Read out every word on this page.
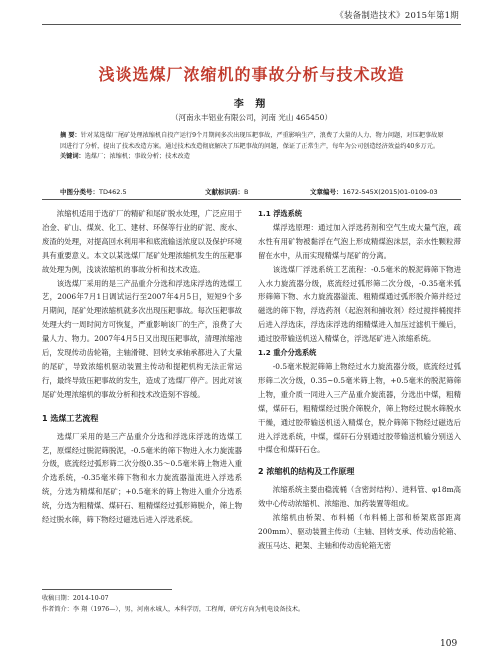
《装备制造技术》2015年第1期
浅谈选煤厂浓缩机的事故分析与技术改造
李 翔
（河南永丰铝业有限公司，河南 光山 465450）
摘 要：针对某选煤厂尾矿处理浓缩机自投产运行9个月期间多次出现压耙事故，严重影响生产，浪费了大量的人力、物力问题，对压耙事故原因进行了分析，提出了技术改造方案。通过技术改造彻底解决了压耙事故的问题，保证了正常生产，每年为公司创造经济效益约40多万元。
关键词：选煤厂；浓缩机；事故分析；技术改造
中图分类号：TD462.5	文献标识码：B	文章编号：1672-545X(2015)01-0109-03

浓缩机适用于选矿厂的精矿和尾矿脱水处理，广泛应用于冶金、矿山、煤炭、化工、建材、环保等行业的矿泥、废水、废渣的处理，对提高回水利用率和底流输送浓度以及保护环境具有重要意义。本文以某选煤厂尾矿处理浓缩机发生的压耙事故处理为例，浅谈浓缩机的事故分析和技术改造。

该选煤厂采用的是三产品重介分选和浮选床浮选的选煤工艺，2006年7月1日调试运行至2007年4月5日，短短9个多月期间，尾矿处理浓缩机就多次出现压耙事故。每次压耙事故处理大约一周时间方可恢复，严重影响该厂的生产，浪费了大量人力、物力。2007年4月5日又出现压耙事故，清理浓缩池后，发现传动齿轮箱，主轴滑键、回转支承轴承都进入了大量的尾矿，导致浓缩机驱动装置主传动和提耙机构无法正常运行，最终导致压耙事故的发生，造成了选煤厂停产。因此对该尾矿处理浓缩机的事故分析和技术改造刻不容缓。

1 选煤工艺流程

选煤厂采用的是三产品重介分选和浮选床浮选的选煤工艺，原煤经过脱泥筛脱泥，-0.5毫米的筛下物进入水力旋流器分级，底流经过弧形筛二次分级0.35～0.5毫米筛上物进入重介选系统，-0.35毫米筛下物和水力旋流器溢流进入浮选系统，分选为精煤和尾矿；+0.5毫米的筛上物进入重介分选系统，分选为粗精煤、煤矸石、粗精煤经过弧形筛脱介，筛上物经过脱水筛，筛下物经过磁选后进入浮选系统。

1.1 浮选系统

煤浮选原理：通过加入浮选药剂和空气生成大量气泡，疏水性有用矿物被黏浮在气泡上形成精煤泡沫层，亲水性颗粒滞留在水中，从而实现精煤与尾矿的分离。

该选煤厂浮选系统工艺流程：-0.5毫米的脱泥筛筛下物进入水力旋流器分级，底流经过弧形筛二次分级，-0.35毫米弧形筛筛下物、水力旋流器溢流、粗精煤通过弧形脱介筛并经过磁选的筛下物，浮选药剂（起泡剂和捕收剂）经过搅拌桶搅拌后进入浮选床，浮选床浮选的细精煤进入加压过滤机干燥后，通过胶带输送机送入精煤仓，浮选尾矿进入浓缩系统。

1.2 重介分选系统

-0.5毫米脱泥筛筛上物经过水力旋流器分级，底流经过弧形筛二次分级，0.35~0.5毫米筛上物，+0.5毫米的脱泥筛筛上物，重介质一同进入三产品重介旋流器，分选出中煤，粗精煤，煤矸石，粗精煤经过脱介筛脱介，筛上物经过脱水筛脱水干燥，通过胶带输送机送入精煤仓，脱介筛筛下物经过磁选后进入浮选系统，中煤，煤矸石分别通过胶带输送机输分别送入中煤仓和煤矸石仓。

2 浓缩机的结构及工作原理

浓缩系统主要由稳流桶（含密封结构）、进料管、φ18m高效中心传动浓缩机、浓缩池、加药装置等组成。

浓缩机由桥架、布料桶（布料桶上部和桥架底部距离200mm）、驱动装置主传动（主轴、回转支承、传动齿轮箱、液压马达、耙架、主轴和传动齿轮箱无密

收稿日期：2014-10-07
作者简介：李 翔（1976—），男，河南永城人，本科学历，工程师，研究方向为机电设备技术。
109
